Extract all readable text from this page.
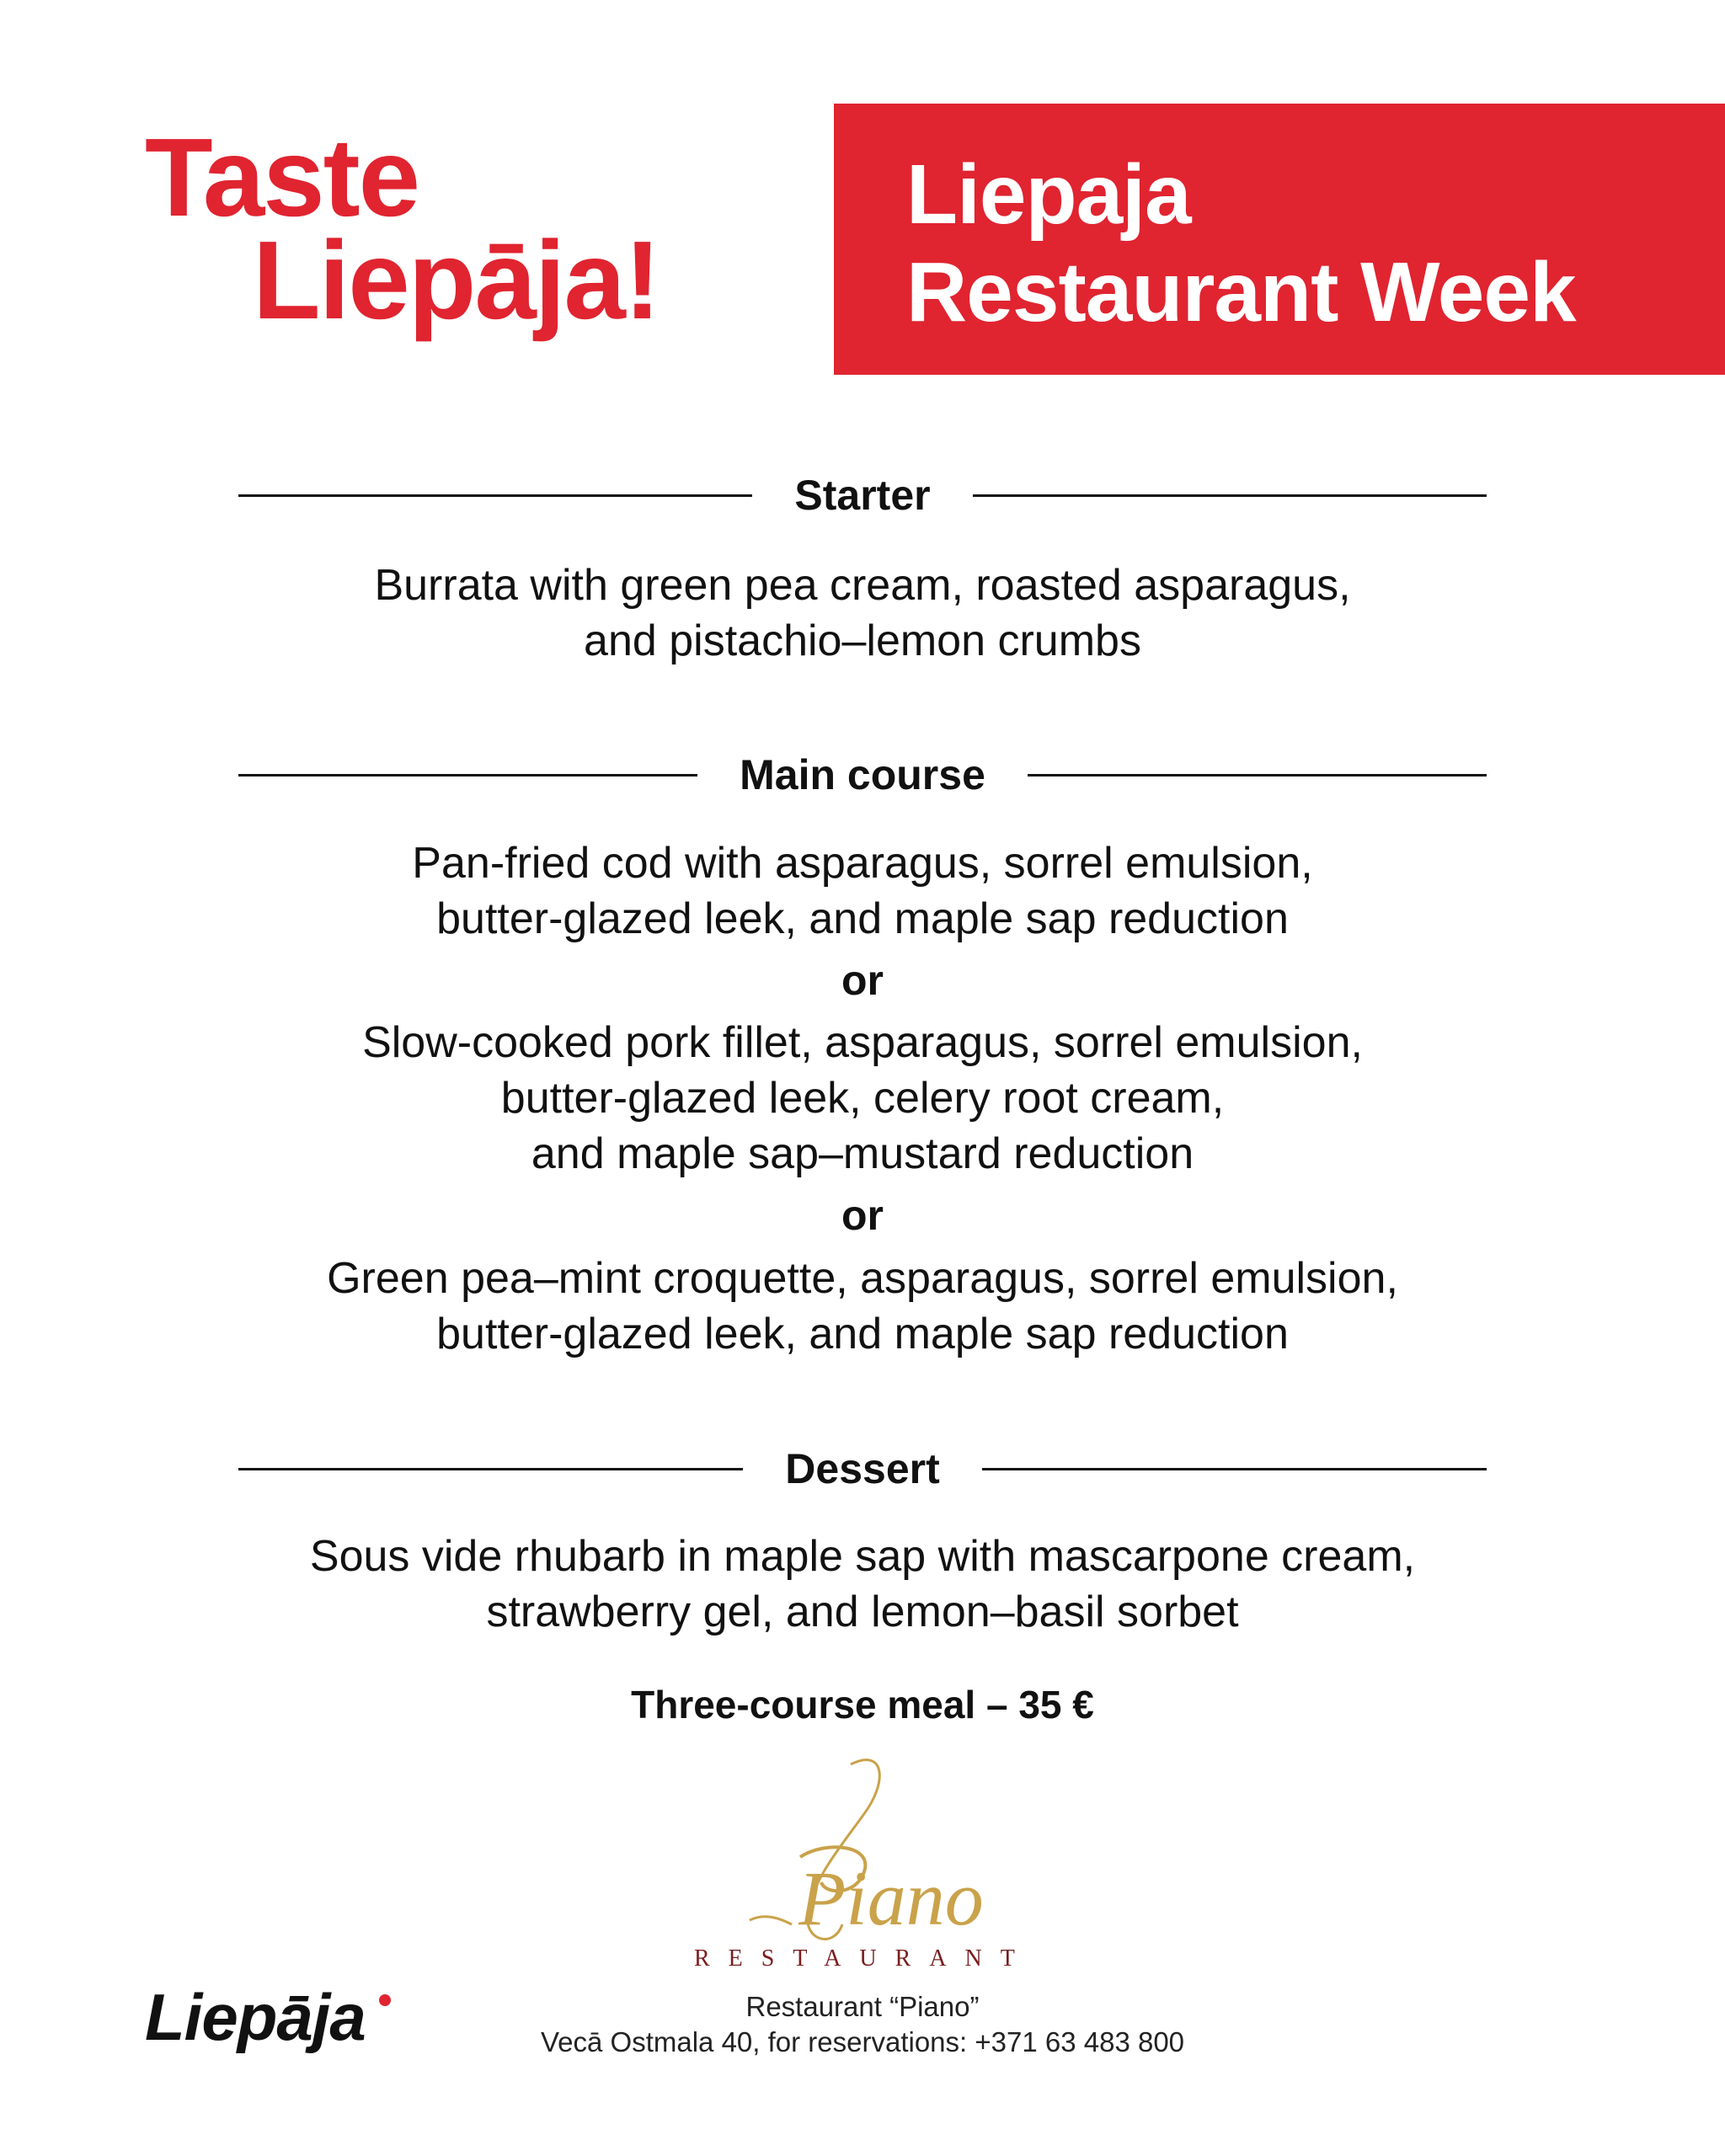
Taste
Liepāja!
Liepaja
Restaurant Week
Starter
Burrata with green pea cream, roasted asparagus,
and pistachio–lemon crumbs
Main course
Pan-fried cod with asparagus, sorrel emulsion,
butter-glazed leek, and maple sap reduction
or
Slow-cooked pork fillet, asparagus, sorrel emulsion,
butter-glazed leek, celery root cream,
and maple sap–mustard reduction
or
Green pea–mint croquette, asparagus, sorrel emulsion,
butter-glazed leek, and maple sap reduction
Dessert
Sous vide rhubarb in maple sap with mascarpone cream,
strawberry gel, and lemon–basil sorbet
Three-course meal – 35 €
Piano
RESTAURANT
Liepāja	Restaurant “Piano”
Vecā Ostmala 40, for reservations: +371 63 483 800
